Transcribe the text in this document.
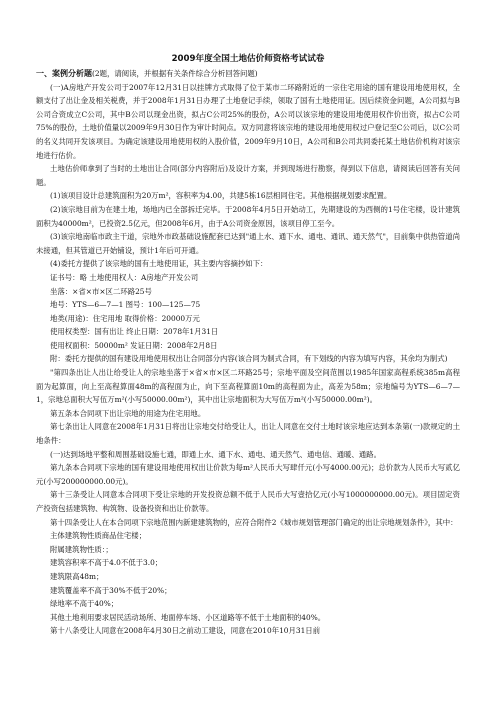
2009年度全国土地估价师资格考试试卷

一、案例分析题(2题，请阅读，并根据有关条件综合分析回答问题)

(一)A房地产开发公司于2007年12月31日以挂牌方式取得了位于某市二环路附近的一宗住宅用途的国有建设用地使用权，全额支付了出让金及相关税费，并于2008年1月31日办理了土地登记手续，领取了国有土地使用证。因后续资金问题，A公司拟与B公司合资成立C公司，其中B公司以现金出资，拟占C公司25%的股份，A公司以该宗地的建设用地使用权作价出资，拟占C公司75%的股份，土地价值量以2009年9月30日作为审计时间点。双方同意将该宗地的建设用地使用权过户登记至C公司后，以C公司的名义共同开发该项目。为确定该建设用地使用权的入股价值，2009年9月10日，A公司和B公司共同委托某土地估价机构对该宗地进行估价。

土地估价师拿到了当时的土地出让合同(部分内容附后)及设计方案，并到现场进行勘察，得到以下信息，请阅读后回答有关问题。

(1)该项目设计总建筑面积为20万m²，容积率为4.00，共建5栋16层相同住宅。其他根据规划要求配置。

(2)该宗地目前为在建土地，场地内已全部拆迁完毕。于2008年4月5日开始动工，先期建设的为西侧的1号住宅楼，设计建筑面积为40000m²，已投资2.5亿元，但2008年6月，由于A公司资金原因，该项目停工至今。

(3)该宗地南临市政主干道，宗地外市政基础设施配套已达到"通上水、通下水、通电、通讯、通天然气"，目前集中供热管道尚未接通，但其管道已开始铺设，预计1年后可开通。

(4)委托方提供了该宗地的国有土地使用证，其主要内容摘抄如下：

证书号：略 土地使用权人：A房地产开发公司

坐落：×省×市×区二环路25号

地号：YTS—6—7—1 图号：100—125—75

地类(用途)：住宅用地 取得价格：20000万元

使用权类型：国有出让 终止日期：2078年1月31日

使用权面积：50000m² 发证日期：2008年2月8日

附：委托方提供的国有建设用地使用权出让合同部分内容(该合同为制式合同，有下划线的内容为填写内容，其余均为制式)

"第四条出让人出让给受让人的宗地坐落于×省×市×区二环路25号；宗地平面及空间范围以1985年国家高程系统385m高程面为起算面，向上至高程算面48m的高程面为止，向下至高程算面10m的高程面为止，高差为58m；宗地编号为YTS—6—7—1，宗地总面积大写伍万m²(小写50000.00m²)，其中出让宗地面积为大写伍万m²(小写50000.00m²)。

第五条本合同项下出让宗地的用途为住宅用地。

第七条出让人同意在2008年1月31日将出让宗地交付给受让人，出让人同意在交付土地时该宗地应达到本条第(一)款规定的土地条件：

(一)达到场地平整和周围基础设施七通，即通上水、通下水、通电、通天然气、通电信、通暖、通路。

第九条本合同项下宗地的国有建设用地使用权出让价款为每m²人民币大写肆仟元(小写4000.00元)；总价款为人民币大写贰亿元(小写200000000.00元)。

第十三条受让人同意本合同项下受让宗地的开发投资总额不低于人民币大写壹拾亿元(小写1000000000.00元)。项目固定资产投资包括建筑物、构筑物、设备投资和出让价款等。

第十四条受让人在本合同项下宗地范围内新建建筑物的，应符合附件2《城市规划管理部门确定的出让宗地规划条件》，其中：

主体建筑物性质商品住宅楼；

附属建筑物性质：；

建筑容积率不高于4.0不低于3.0；

建筑限高48m；

建筑覆盖率不高于30%不低于20%；

绿地率不高于40%；

其他土地利用要求居民活动场所、地面停车场、小区道路等不低于土地面积的40%。

第十八条受让人同意在2008年4月30日之前动工建设，同意在2010年10月31日前
